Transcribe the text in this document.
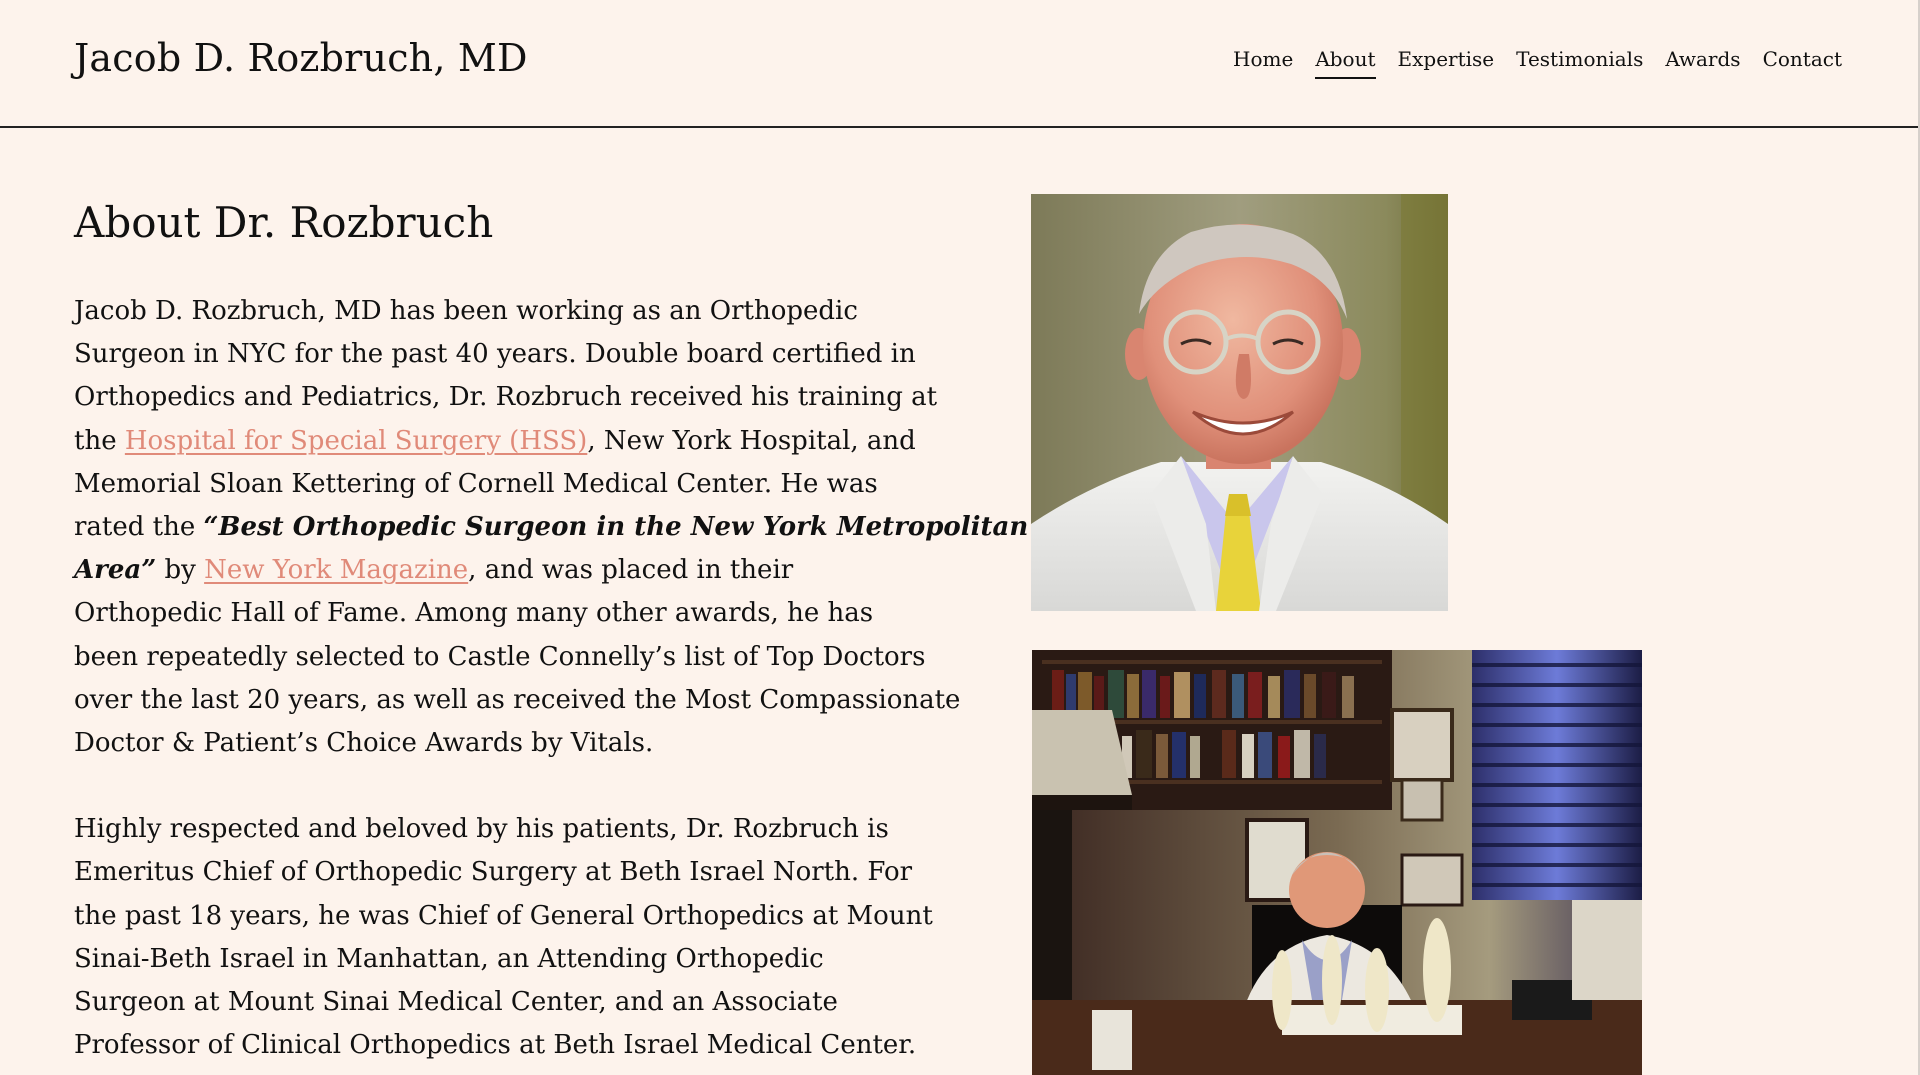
Jacob D. Rozbruch, MD	Home About Expertise Testimonials Awards Contact
About Dr. Rozbruch

Jacob D. Rozbruch, MD has been working as an Orthopedic
Surgeon in NYC for the past 40 years. Double board certified in
Orthopedics and Pediatrics, Dr. Rozbruch received his training at
the Hospital for Special Surgery (HSS), New York Hospital, and
Memorial Sloan Kettering of Cornell Medical Center. He was
rated the “Best Orthopedic Surgeon in the New York Metropolitan
Area” by New York Magazine, and was placed in their
Orthopedic Hall of Fame. Among many other awards, he has
been repeatedly selected to Castle Connelly’s list of Top Doctors
over the last 20 years, as well as received the Most Compassionate
Doctor & Patient’s Choice Awards by Vitals.

Highly respected and beloved by his patients, Dr. Rozbruch is
Emeritus Chief of Orthopedic Surgery at Beth Israel North. For
the past 18 years, he was Chief of General Orthopedics at Mount
Sinai-Beth Israel in Manhattan, an Attending Orthopedic
Surgeon at Mount Sinai Medical Center, and an Associate
Professor of Clinical Orthopedics at Beth Israel Medical Center.
